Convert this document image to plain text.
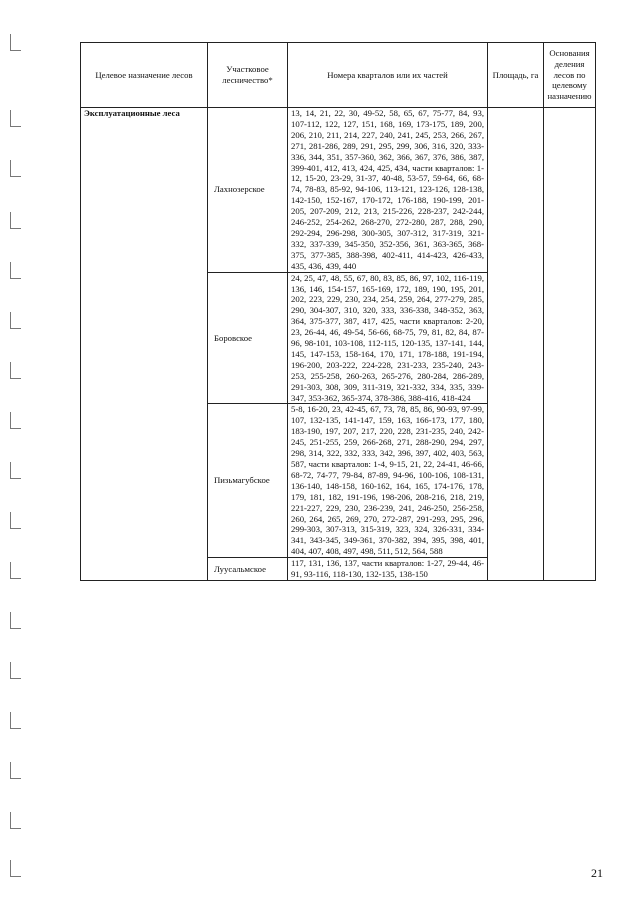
Целевое назначение лесов	Участковое лесничество*	Номера кварталов или их частей	Площадь, га	Основания деления лесов по целевому назначению
Эксплуатационные леса	Лахнозерское	13, 14, 21, 22, 30, 49-52, 58, 65, 67, 75-77, 84, 93, 107-112, 122, 127, 151, 168, 169, 173-175, 189, 200, 206, 210, 211, 214, 227, 240, 241, 245, 253, 266, 267, 271, 281-286, 289, 291, 295, 299, 306, 316, 320, 333-336, 344, 351, 357-360, 362, 366, 367, 376, 386, 387, 399-401, 412, 413, 424, 425, 434, части кварталов: 1-12, 15-20, 23-29, 31-37, 40-48, 53-57, 59-64, 66, 68-74, 78-83, 85-92, 94-106, 113-121, 123-126, 128-138, 142-150, 152-167, 170-172, 176-188, 190-199, 201-205, 207-209, 212, 213, 215-226, 228-237, 242-244, 246-252, 254-262, 268-270, 272-280, 287, 288, 290, 292-294, 296-298, 300-305, 307-312, 317-319, 321-332, 337-339, 345-350, 352-356, 361, 363-365, 368-375, 377-385, 388-398, 402-411, 414-423, 426-433, 435, 436, 439, 440		
	Боровское	24, 25, 47, 48, 55, 67, 80, 83, 85, 86, 97, 102, 116-119, 136, 146, 154-157, 165-169, 172, 189, 190, 195, 201, 202, 223, 229, 230, 234, 254, 259, 264, 277-279, 285, 290, 304-307, 310, 320, 333, 336-338, 348-352, 363, 364, 375-377, 387, 417, 425, части кварталов: 2-20, 23, 26-44, 46, 49-54, 56-66, 68-75, 79, 81, 82, 84, 87-96, 98-101, 103-108, 112-115, 120-135, 137-141, 144, 145, 147-153, 158-164, 170, 171, 178-188, 191-194, 196-200, 203-222, 224-228, 231-233, 235-240, 243-253, 255-258, 260-263, 265-276, 280-284, 286-289, 291-303, 308, 309, 311-319, 321-332, 334, 335, 339-347, 353-362, 365-374, 378-386, 388-416, 418-424		
	Пизьмагубское	5-8, 16-20, 23, 42-45, 67, 73, 78, 85, 86, 90-93, 97-99, 107, 132-135, 141-147, 159, 163, 166-173, 177, 180, 183-190, 197, 207, 217, 220, 228, 231-235, 240, 242-245, 251-255, 259, 266-268, 271, 288-290, 294, 297, 298, 314, 322, 332, 333, 342, 396, 397, 402, 403, 563, 587, части кварталов: 1-4, 9-15, 21, 22, 24-41, 46-66, 68-72, 74-77, 79-84, 87-89, 94-96, 100-106, 108-131, 136-140, 148-158, 160-162, 164, 165, 174-176, 178, 179, 181, 182, 191-196, 198-206, 208-216, 218, 219, 221-227, 229, 230, 236-239, 241, 246-250, 256-258, 260, 264, 265, 269, 270, 272-287, 291-293, 295, 296, 299-303, 307-313, 315-319, 323, 324, 326-331, 334-341, 343-345, 349-361, 370-382, 394, 395, 398, 401, 404, 407, 408, 497, 498, 511, 512, 564, 588		
	Луусальмское	117, 131, 136, 137, части кварталов: 1-27, 29-44, 46-91, 93-116, 118-130, 132-135, 138-150		
21
